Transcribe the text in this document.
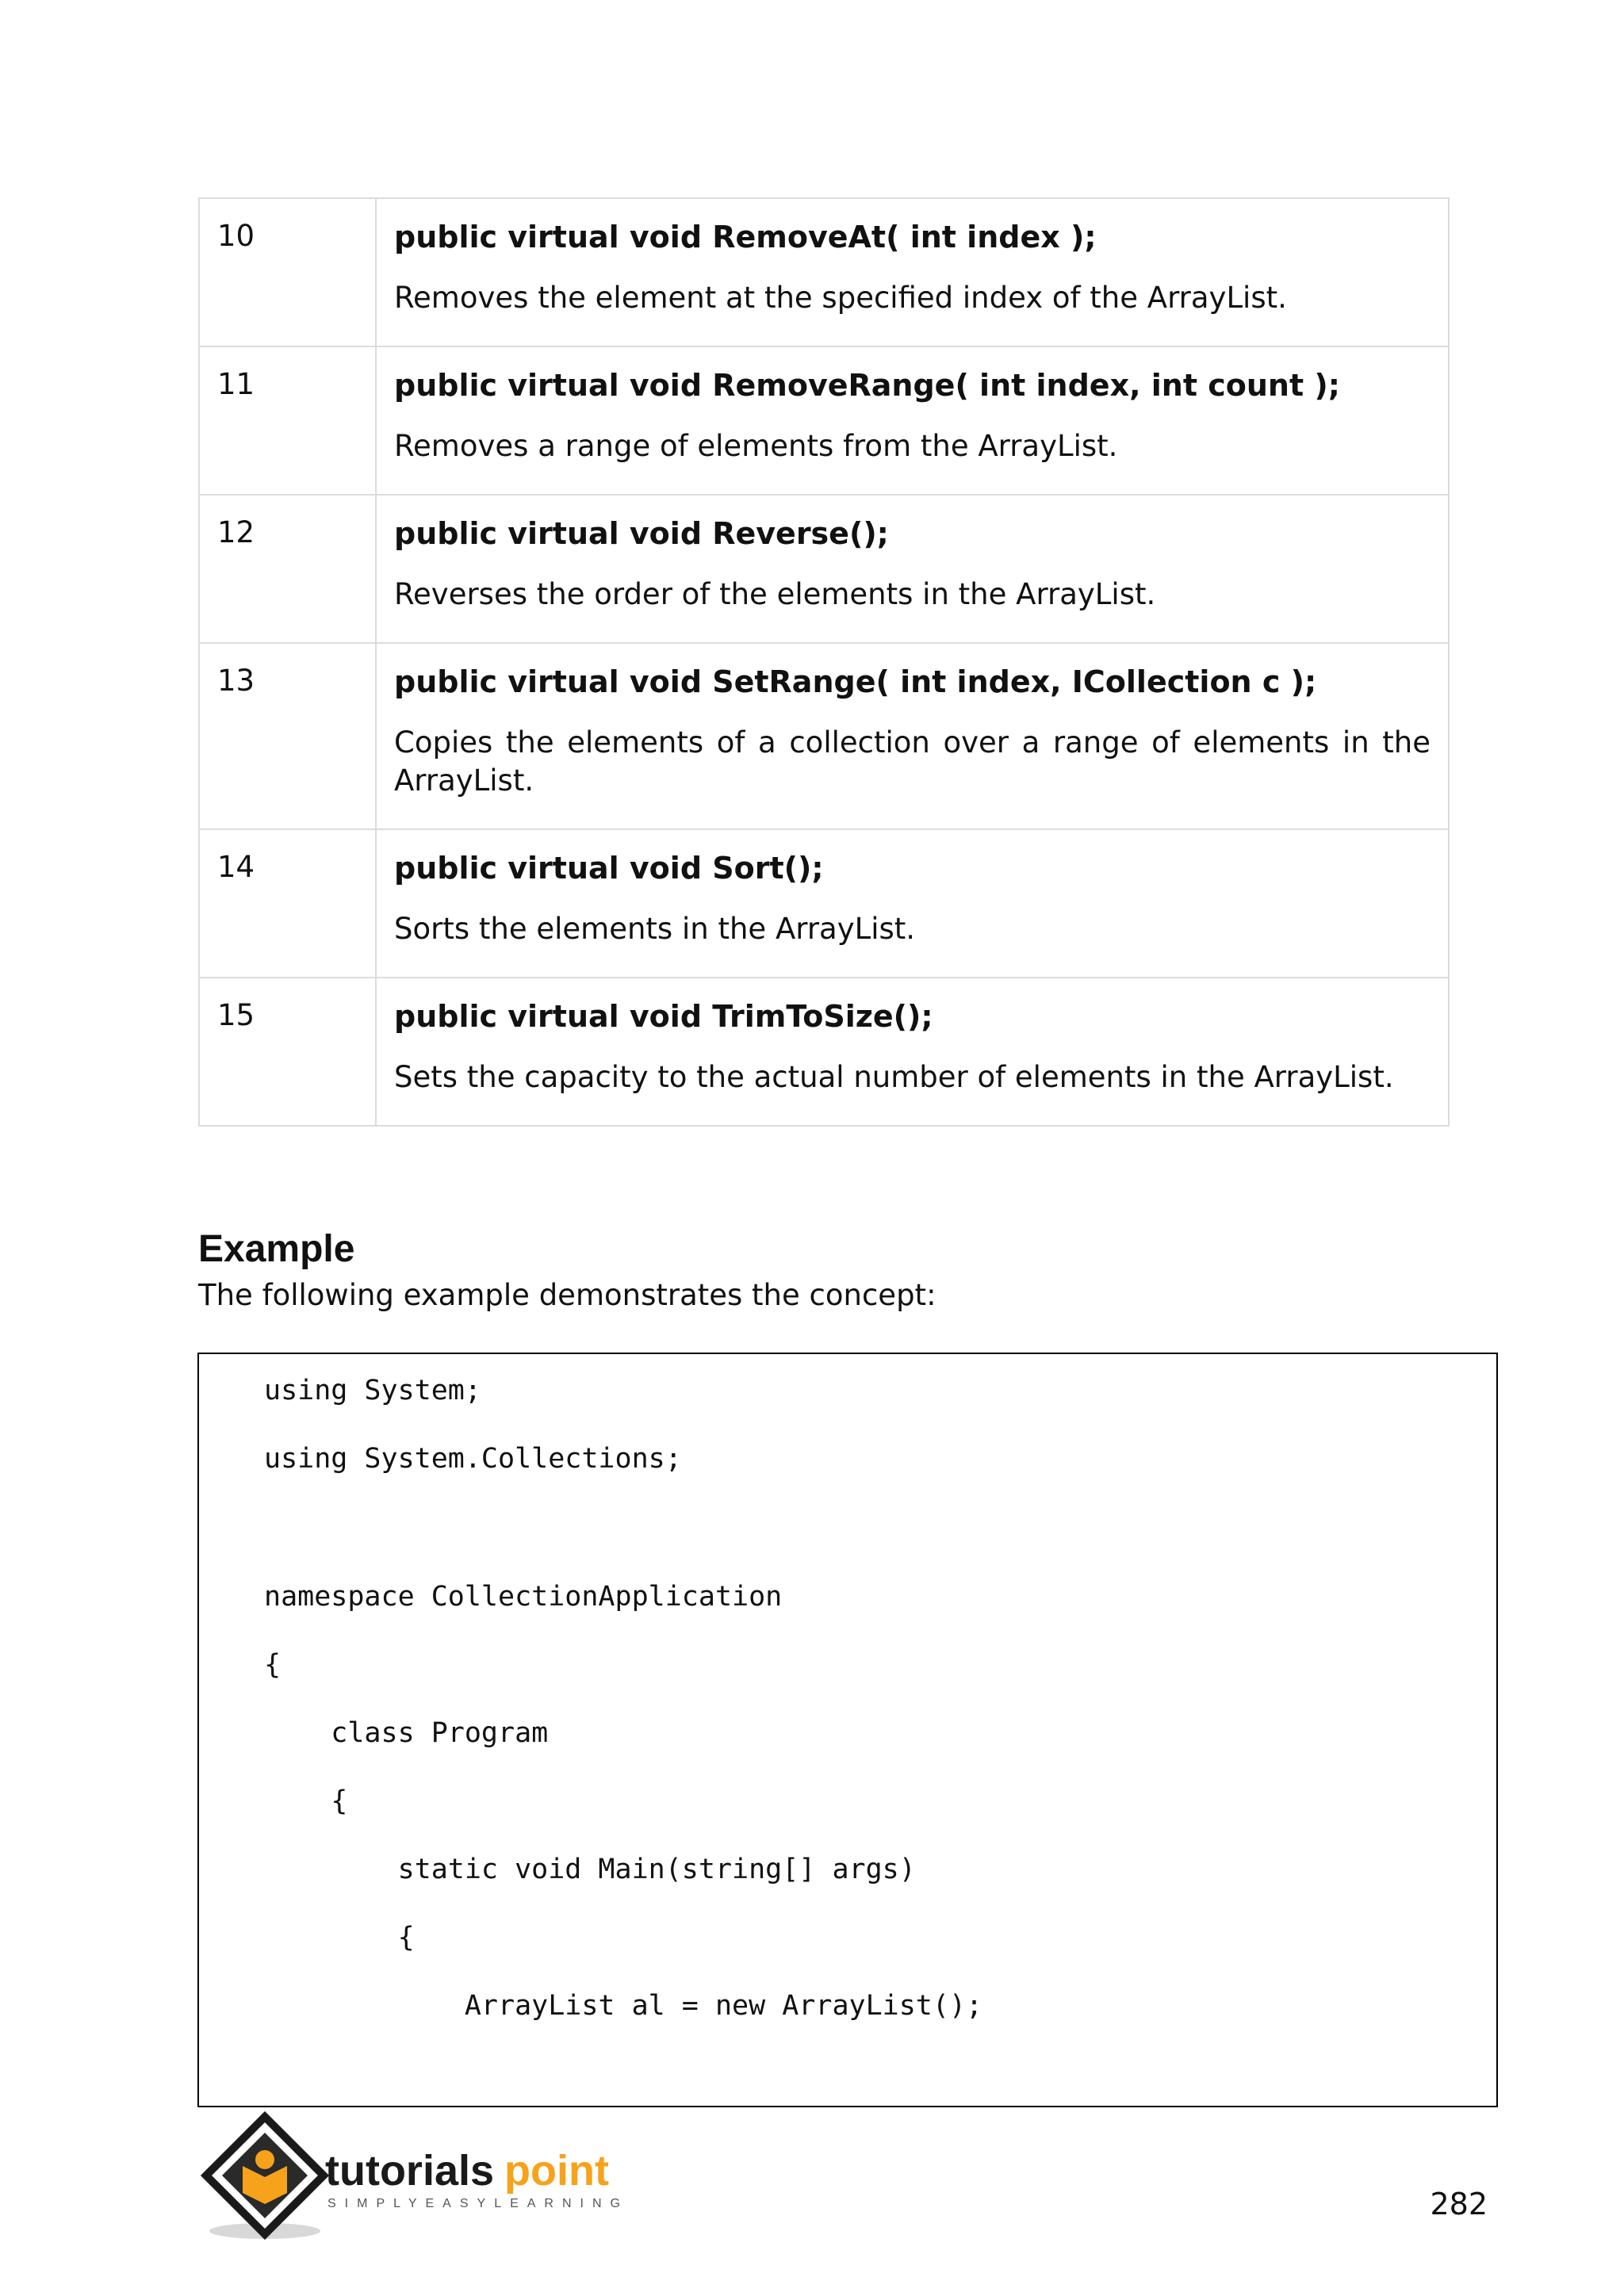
10	public virtual void RemoveAt( int index );
Removes the element at the specified index of the ArrayList.

11	public virtual void RemoveRange( int index, int count );
Removes a range of elements from the ArrayList.

12	public virtual void Reverse();
Reverses the order of the elements in the ArrayList.

13	public virtual void SetRange( int index, ICollection c );
Copies the elements of a collection over a range of elements in the ArrayList.

14	public virtual void Sort();
Sorts the elements in the ArrayList.

15	public virtual void TrimToSize();
Sets the capacity to the actual number of elements in the ArrayList.
Example
The following example demonstrates the concept:
using System;
using System.Collections;
namespace CollectionApplication
{
class Program
{
static void Main(string[] args)
{
ArrayList al = new ArrayList();
tutorials point
SIMPLYEASYLEARNING	282
